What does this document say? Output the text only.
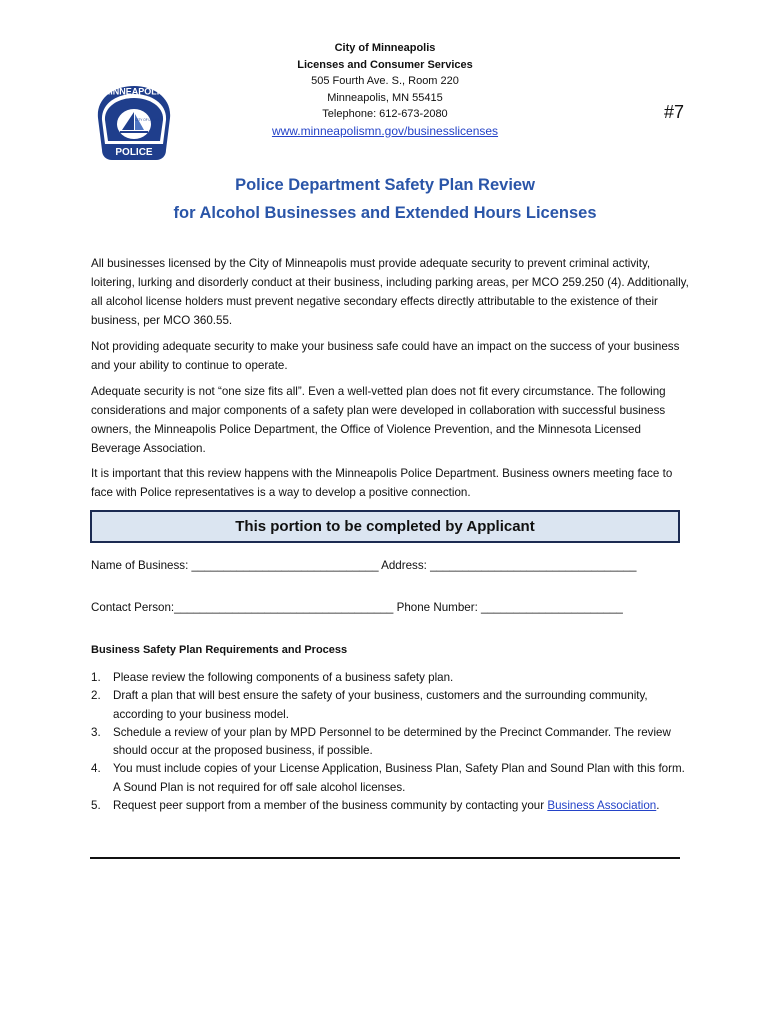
City of Minneapolis
Licenses and Consumer Services
505 Fourth Ave. S., Room 220
Minneapolis, MN 55415
Telephone: 612-673-2080
www.minneapolismn.gov/businesslicenses
MINNEAPOLIS
POLICE
CITY OF LAKES	#7
Police Department Safety Plan Review
for Alcohol Businesses and Extended Hours Licenses

All businesses licensed by the City of Minneapolis must provide adequate security to prevent criminal activity, loitering, lurking and disorderly conduct at their business, including parking areas, per MCO 259.250 (4). Additionally, all alcohol license holders must prevent negative secondary effects directly attributable to the existence of their business, per MCO 360.55.

Not providing adequate security to make your business safe could have an impact on the success of your business and your ability to continue to operate.

Adequate security is not “one size fits all”. Even a well-vetted plan does not fit every circumstance. The following considerations and major components of a safety plan were developed in collaboration with successful business owners, the Minneapolis Police Department, the Office of Violence Prevention, and the Minnesota Licensed Beverage Association.

It is important that this review happens with the Minneapolis Police Department. Business owners meeting face to face with Police representatives is a way to develop a positive connection.

This portion to be completed by Applicant
Name of Business: _____________________________ Address: ________________________________
Contact Person:__________________________________ Phone Number: ______________________
Business Safety Plan Requirements and Process
1. Please review the following components of a business safety plan.
2. Draft a plan that will best ensure the safety of your business, customers and the surrounding community, according to your business model.
3. Schedule a review of your plan by MPD Personnel to be determined by the Precinct Commander. The review should occur at the proposed business, if possible.
4. You must include copies of your License Application, Business Plan, Safety Plan and Sound Plan with this form. A Sound Plan is not required for off sale alcohol licenses.
5. Request peer support from a member of the business community by contacting your Business Association.
